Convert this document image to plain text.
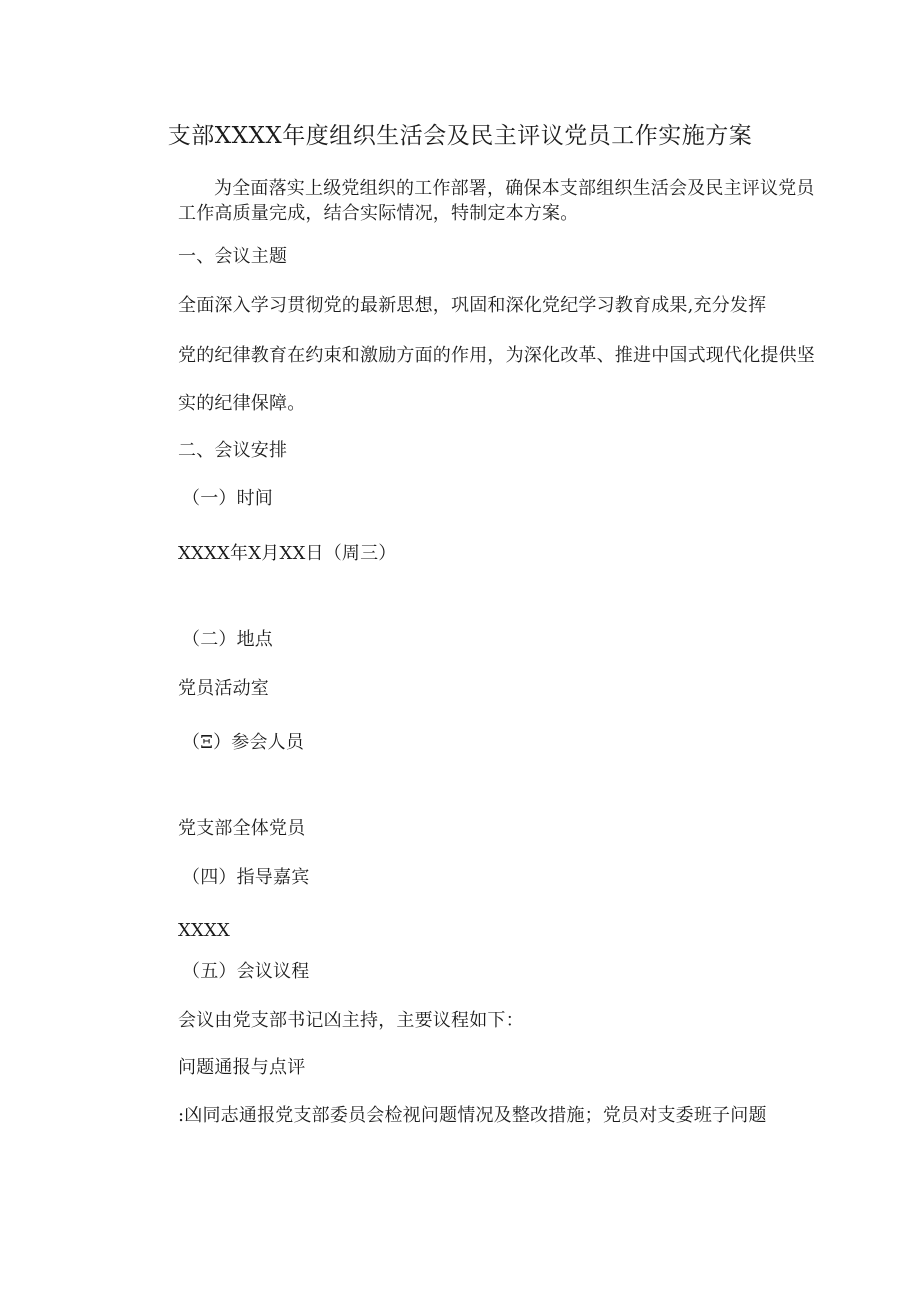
支部XXXX年度组织生活会及民主评议党员工作实施方案
为全面落实上级党组织的工作部署，确保本支部组织生活会及民主评议党员
工作高质量完成，结合实际情况，特制定本方案。
一、会议主题
全面深入学习贯彻党的最新思想，巩固和深化党纪学习教育成果,充分发挥
党的纪律教育在约束和激励方面的作用，为深化改革、推进中国式现代化提供坚
实的纪律保障。
二、会议安排
（一）时间
XXXX年X月XX日（周三）
（二）地点
党员活动室
（Ξ）参会人员
党支部全体党员
（四）指导嘉宾
XXXX
（五）会议议程
会议由党支部书记凶主持，主要议程如下：
问题通报与点评
:凶同志通报党支部委员会检视问题情况及整改措施；党员对支委班子问题
